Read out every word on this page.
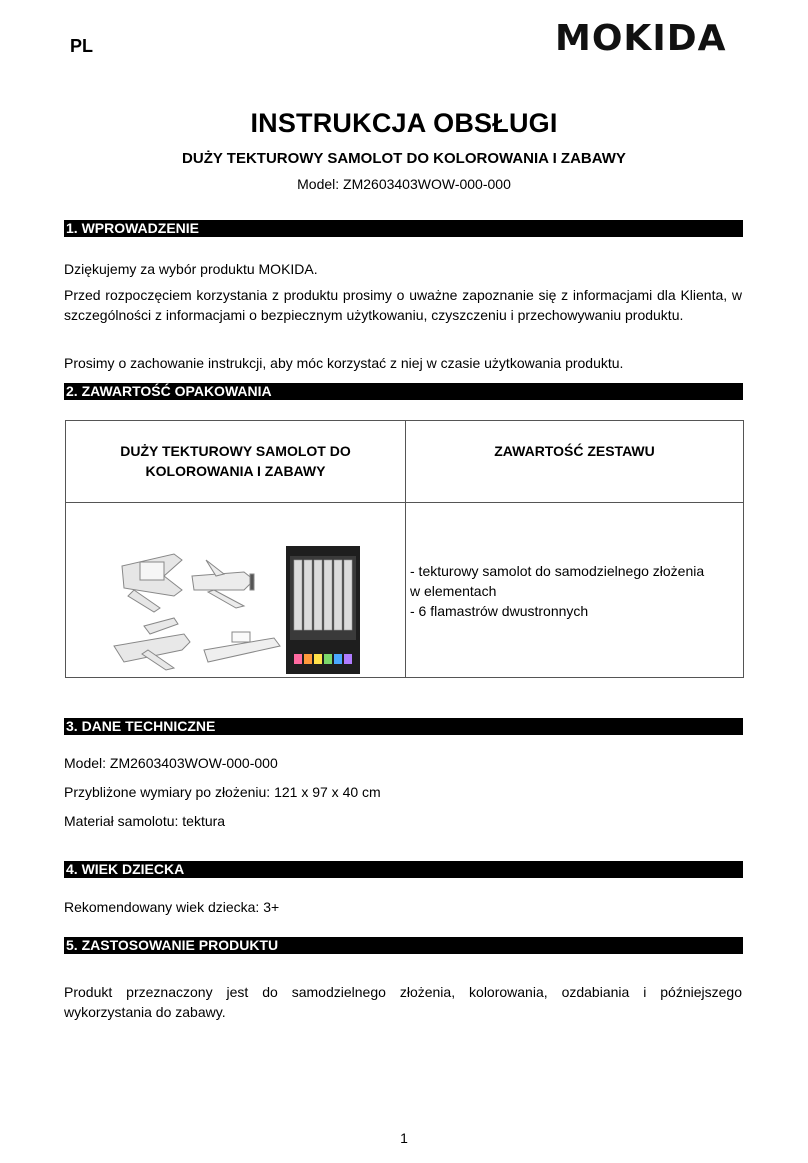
PL	MOKIDA
INSTRUKCJA OBSŁUGI
DUŻY TEKTUROWY SAMOLOT DO KOLOROWANIA I ZABAWY
Model: ZM2603403WOW-000-000
1. WPROWADZENIE
Dziękujemy za wybór produktu MOKIDA.
Przed rozpoczęciem korzystania z produktu prosimy o uważne zapoznanie się z informacjami dla Klienta, w szczególności z informacjami o bezpiecznym użytkowaniu, czyszczeniu i przechowywaniu produktu.
Prosimy o zachowanie instrukcji, aby móc korzystać z niej w czasie użytkowania produktu.
2. ZAWARTOŚĆ OPAKOWANIA
DUŻY TEKTUROWY SAMOLOT DO
KOLOROWANIA I ZABAWY
ZAWARTOŚĆ ZESTAWU
- tekturowy samolot do samodzielnego złożenia
w elementach
- 6 flamastrów dwustronnych
3. DANE TECHNICZNE
Model: ZM2603403WOW-000-000
Przybliżone wymiary po złożeniu: 121 x 97 x 40 cm
Materiał samolotu: tektura
4. WIEK DZIECKA
Rekomendowany wiek dziecka: 3+
5. ZASTOSOWANIE PRODUKTU
Produkt przeznaczony jest do samodzielnego złożenia, kolorowania, ozdabiania i późniejszego wykorzystania do zabawy.
1
